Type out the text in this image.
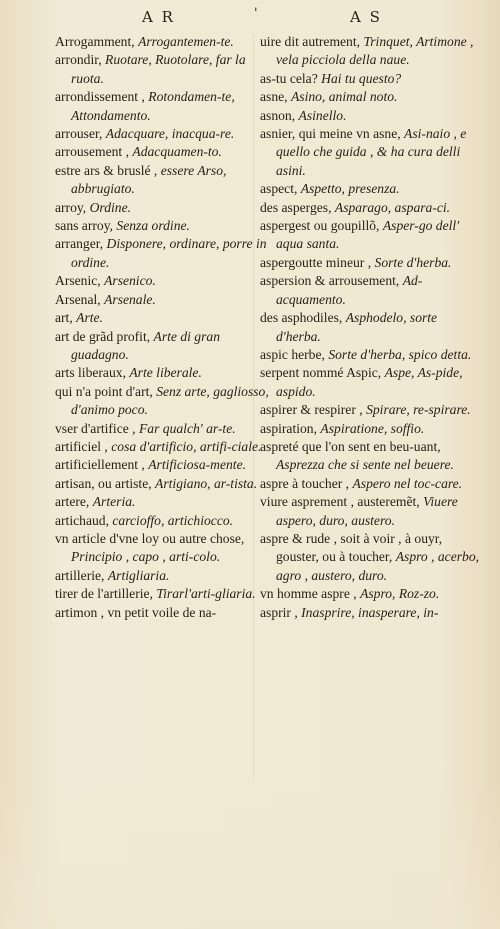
A R	'	A S

Arrogamment, Arrogantemen-te.

arrondir, Ruotare, Ruotolare, far la ruota.

arrondissement , Rotondamen-te, Attondamento.

arrouser, Adacquare, inacqua-re.

arrousement , Adacquamen-to.

estre ars & bruslé , essere Arso, abbrugiato.

arroy, Ordine.

sans arroy, Senza ordine.

arranger, Disponere, ordinare, porre in ordine.

Arsenic, Arsenico.

Arsenal, Arsenale.

art, Arte.

art de grãd profit, Arte di gran guadagno.

arts liberaux, Arte liberale.

qui n'a point d'art, Senz arte, gagliosso, d'animo poco.

vser d'artifice , Far qualch' ar-te.

artificiel , cosa d'artificio, artifi-ciale.

artificiellement , Artificiosa-mente.

artisan, ou artiste, Artigiano, ar-tista.

artere, Arteria.

artichaud, carcioffo, artichiocco.

vn article d'vne loy ou autre chose, Principio , capo , arti-colo.

artillerie, Artigliaria.

tirer de l'artillerie, Tirarl'arti-gliaria.

artimon , vn petit voile de na-

uire dit autrement, Trinquet, Artimone , vela picciola della naue.

as-tu cela? Hai tu questo?

asne, Asino, animal noto.

asnon, Asinello.

asnier, qui meine vn asne, Asi-naio , e quello che guida , & ha cura delli asini.

aspect, Aspetto, presenza.

des asperges, Asparago, aspara-ci.

aspergest ou goupillõ, Asper-go dell' aqua santa.

aspergoutte mineur , Sorte d'herba.

aspersion & arrousement, Ad-acquamento.

des asphodiles, Asphodelo, sorte d'herba.

aspic herbe, Sorte d'herba, spico detta.

serpent nommé Aspic, Aspe, As-pide, aspido.

aspirer & respirer , Spirare, re-spirare.

aspiration, Aspiratione, soffio.

aspreté que l'on sent en beu-uant, Asprezza che si sente nel beuere.

aspre à toucher , Aspero nel toc-care.

viure asprement , austeremẽt, Viuere aspero, duro, austero.

aspre & rude , soit à voir , à ouyr, gouster, ou à toucher, Aspro , acerbo, agro , austero, duro.

vn homme aspre , Aspro, Roz-zo.

asprir , Inasprire, inasperare, in-
